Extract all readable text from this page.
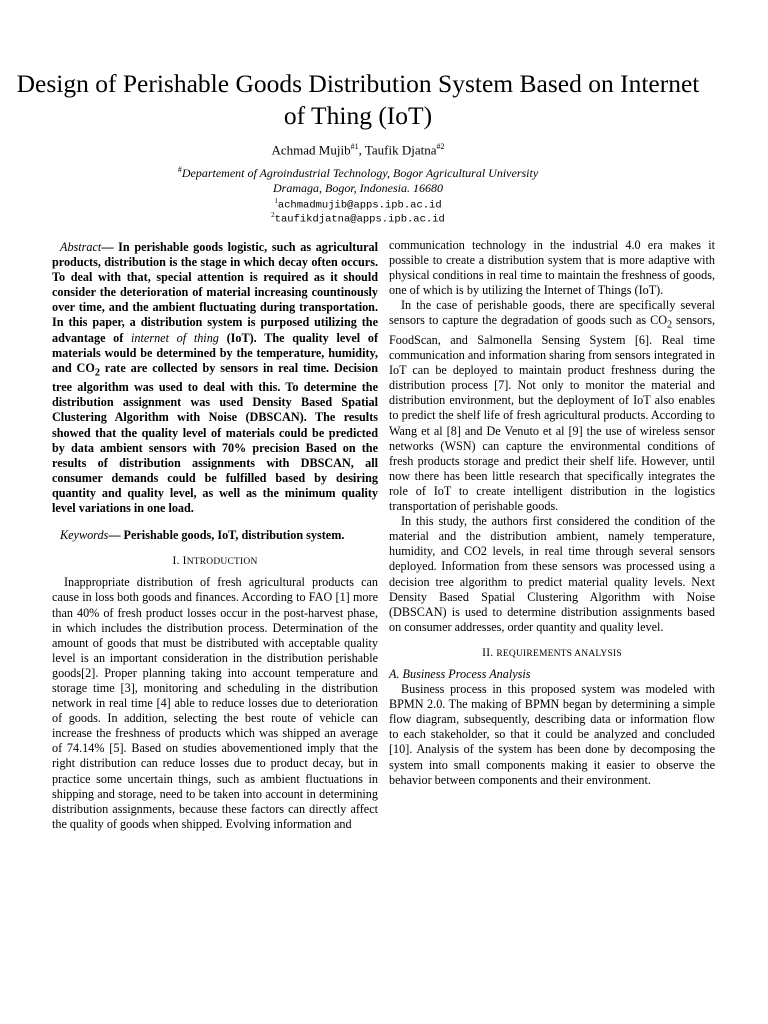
Design of Perishable Goods Distribution System Based on Internet of Thing (IoT)
Achmad Mujib$^{\#1}$, Taufik Djatna$^{\#2}$
#Departement of Agroindustrial Technology, Bogor Agricultural University
Dramaga, Bogor, Indonesia. 16680
$^1$achmadmujib@apps.ipb.ac.id
$^2$taufikdjatna@apps.ipb.ac.id

Abstract— In perishable goods logistic, such as agricultural products, distribution is the stage in which decay often occurs. To deal with that, special attention is required as it should consider the deterioration of material increasing countinously over time, and the ambient fluctuating during transportation. In this paper, a distribution system is purposed utilizing the advantage of internet of thing (IoT). The quality level of materials would be determined by the temperature, humidity, and $CO_2$ rate are collected by sensors in real time. Decision tree algorithm was used to deal with this. To determine the distribution assignment was used Density Based Spatial Clustering Algorithm with Noise (DBSCAN). The results showed that the quality level of materials could be predicted by data ambient sensors with 70% precision Based on the results of distribution assignments with DBSCAN, all consumer demands could be fulfilled based by desiring quantity and quality level, as well as the minimum quality level variations in one load.

Keywords— Perishable goods, IoT, distribution system.

I. INTRODUCTION

Inappropriate distribution of fresh agricultural products can cause in loss both goods and finances. According to FAO [1] more than 40% of fresh product losses occur in the post-harvest phase, in which includes the distribution process. Determination of the amount of goods that must be distributed with acceptable quality level is an important consideration in the distribution perishable goods[2]. Proper planning taking into account temperature and storage time [3], monitoring and scheduling in the distribution network in real time [4] able to reduce losses due to deterioration of goods. In addition, selecting the best route of vehicle can increase the freshness of products which was shipped an average of 74.14% [5]. Based on studies abovementioned imply that the right distribution can reduce losses due to product decay, but in practice some uncertain things, such as ambient fluctuations in shipping and storage, need to be taken into account in determining distribution assignments, because these factors can directly affect the quality of goods when shipped. Evolving information and

communication technology in the industrial 4.0 era makes it possible to create a distribution system that is more adaptive with physical conditions in real time to maintain the freshness of goods, one of which is by utilizing the Internet of Things (IoT).

In the case of perishable goods, there are specifically several sensors to capture the degradation of goods such as $CO_2$ sensors, FoodScan, and Salmonella Sensing System [6]. Real time communication and information sharing from sensors integrated in IoT can be deployed to maintain product freshness during the distribution process [7]. Not only to monitor the material and distribution environment, but the deployment of IoT also enables to predict the shelf life of fresh agricultural products. According to Wang et al [8] and De Venuto et al [9] the use of wireless sensor networks (WSN) can capture the environmental conditions of fresh products storage and predict their shelf life. However, until now there has been little research that specifically integrates the role of IoT to create intelligent distribution in the logistics transportation of perishable goods.

In this study, the authors first considered the condition of the material and the distribution ambient, namely temperature, humidity, and CO2 levels, in real time through several sensors deployed. Information from these sensors was processed using a decision tree algorithm to predict material quality levels. Next Density Based Spatial Clustering Algorithm with Noise (DBSCAN) is used to determine distribution assignments based on consumer addresses, order quantity and quality level.

II. REQUIREMENTS ANALYSIS

A. Business Process Analysis

Business process in this proposed system was modeled with BPMN 2.0. The making of BPMN began by determining a simple flow diagram, subsequently, describing data or information flow to each stakeholder, so that it could be analyzed and concluded [10]. Analysis of the system has been done by decomposing the system into small components making it easier to observe the behavior between components and their environment.
